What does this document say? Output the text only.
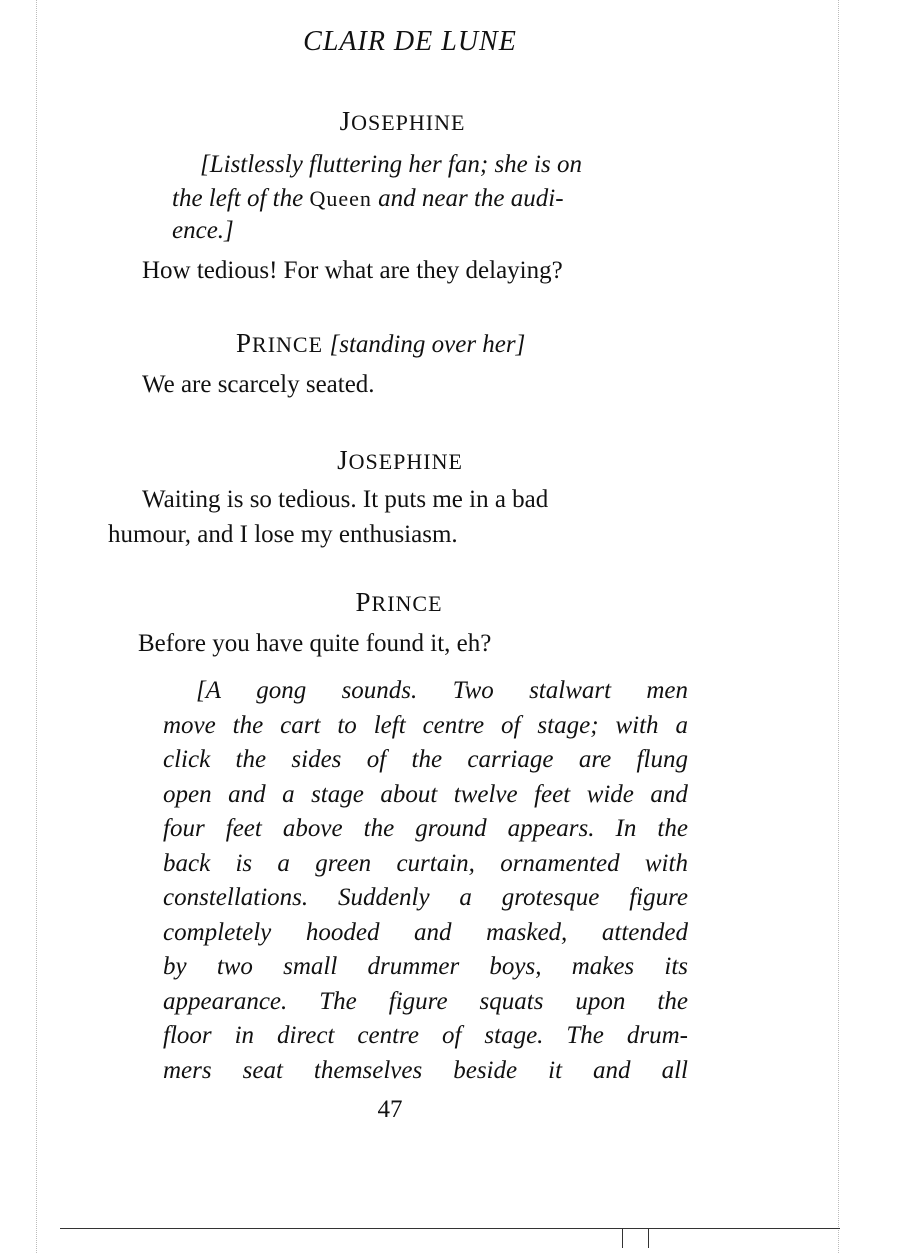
CLAIR DE LUNE
JOSEPHINE
[Listlessly fluttering her fan; she is on
the left of the Queen and near the audi-
ence.]
How tedious! For what are they delaying?
PRINCE [standing over her]
We are scarcely seated.
JOSEPHINE
Waiting is so tedious. It puts me in a bad
humour, and I lose my enthusiasm.
PRINCE
Before you have quite found it, eh?
[A gong sounds. Two stalwart men
move the cart to left centre of stage; with a
click the sides of the carriage are flung
open and a stage about twelve feet wide and
four feet above the ground appears. In the
back is a green curtain, ornamented with
constellations. Suddenly a grotesque figure
completely hooded and masked, attended
by two small drummer boys, makes its
appearance. The figure squats upon the
floor in direct centre of stage. The drum-
mers seat themselves beside it and all
47
